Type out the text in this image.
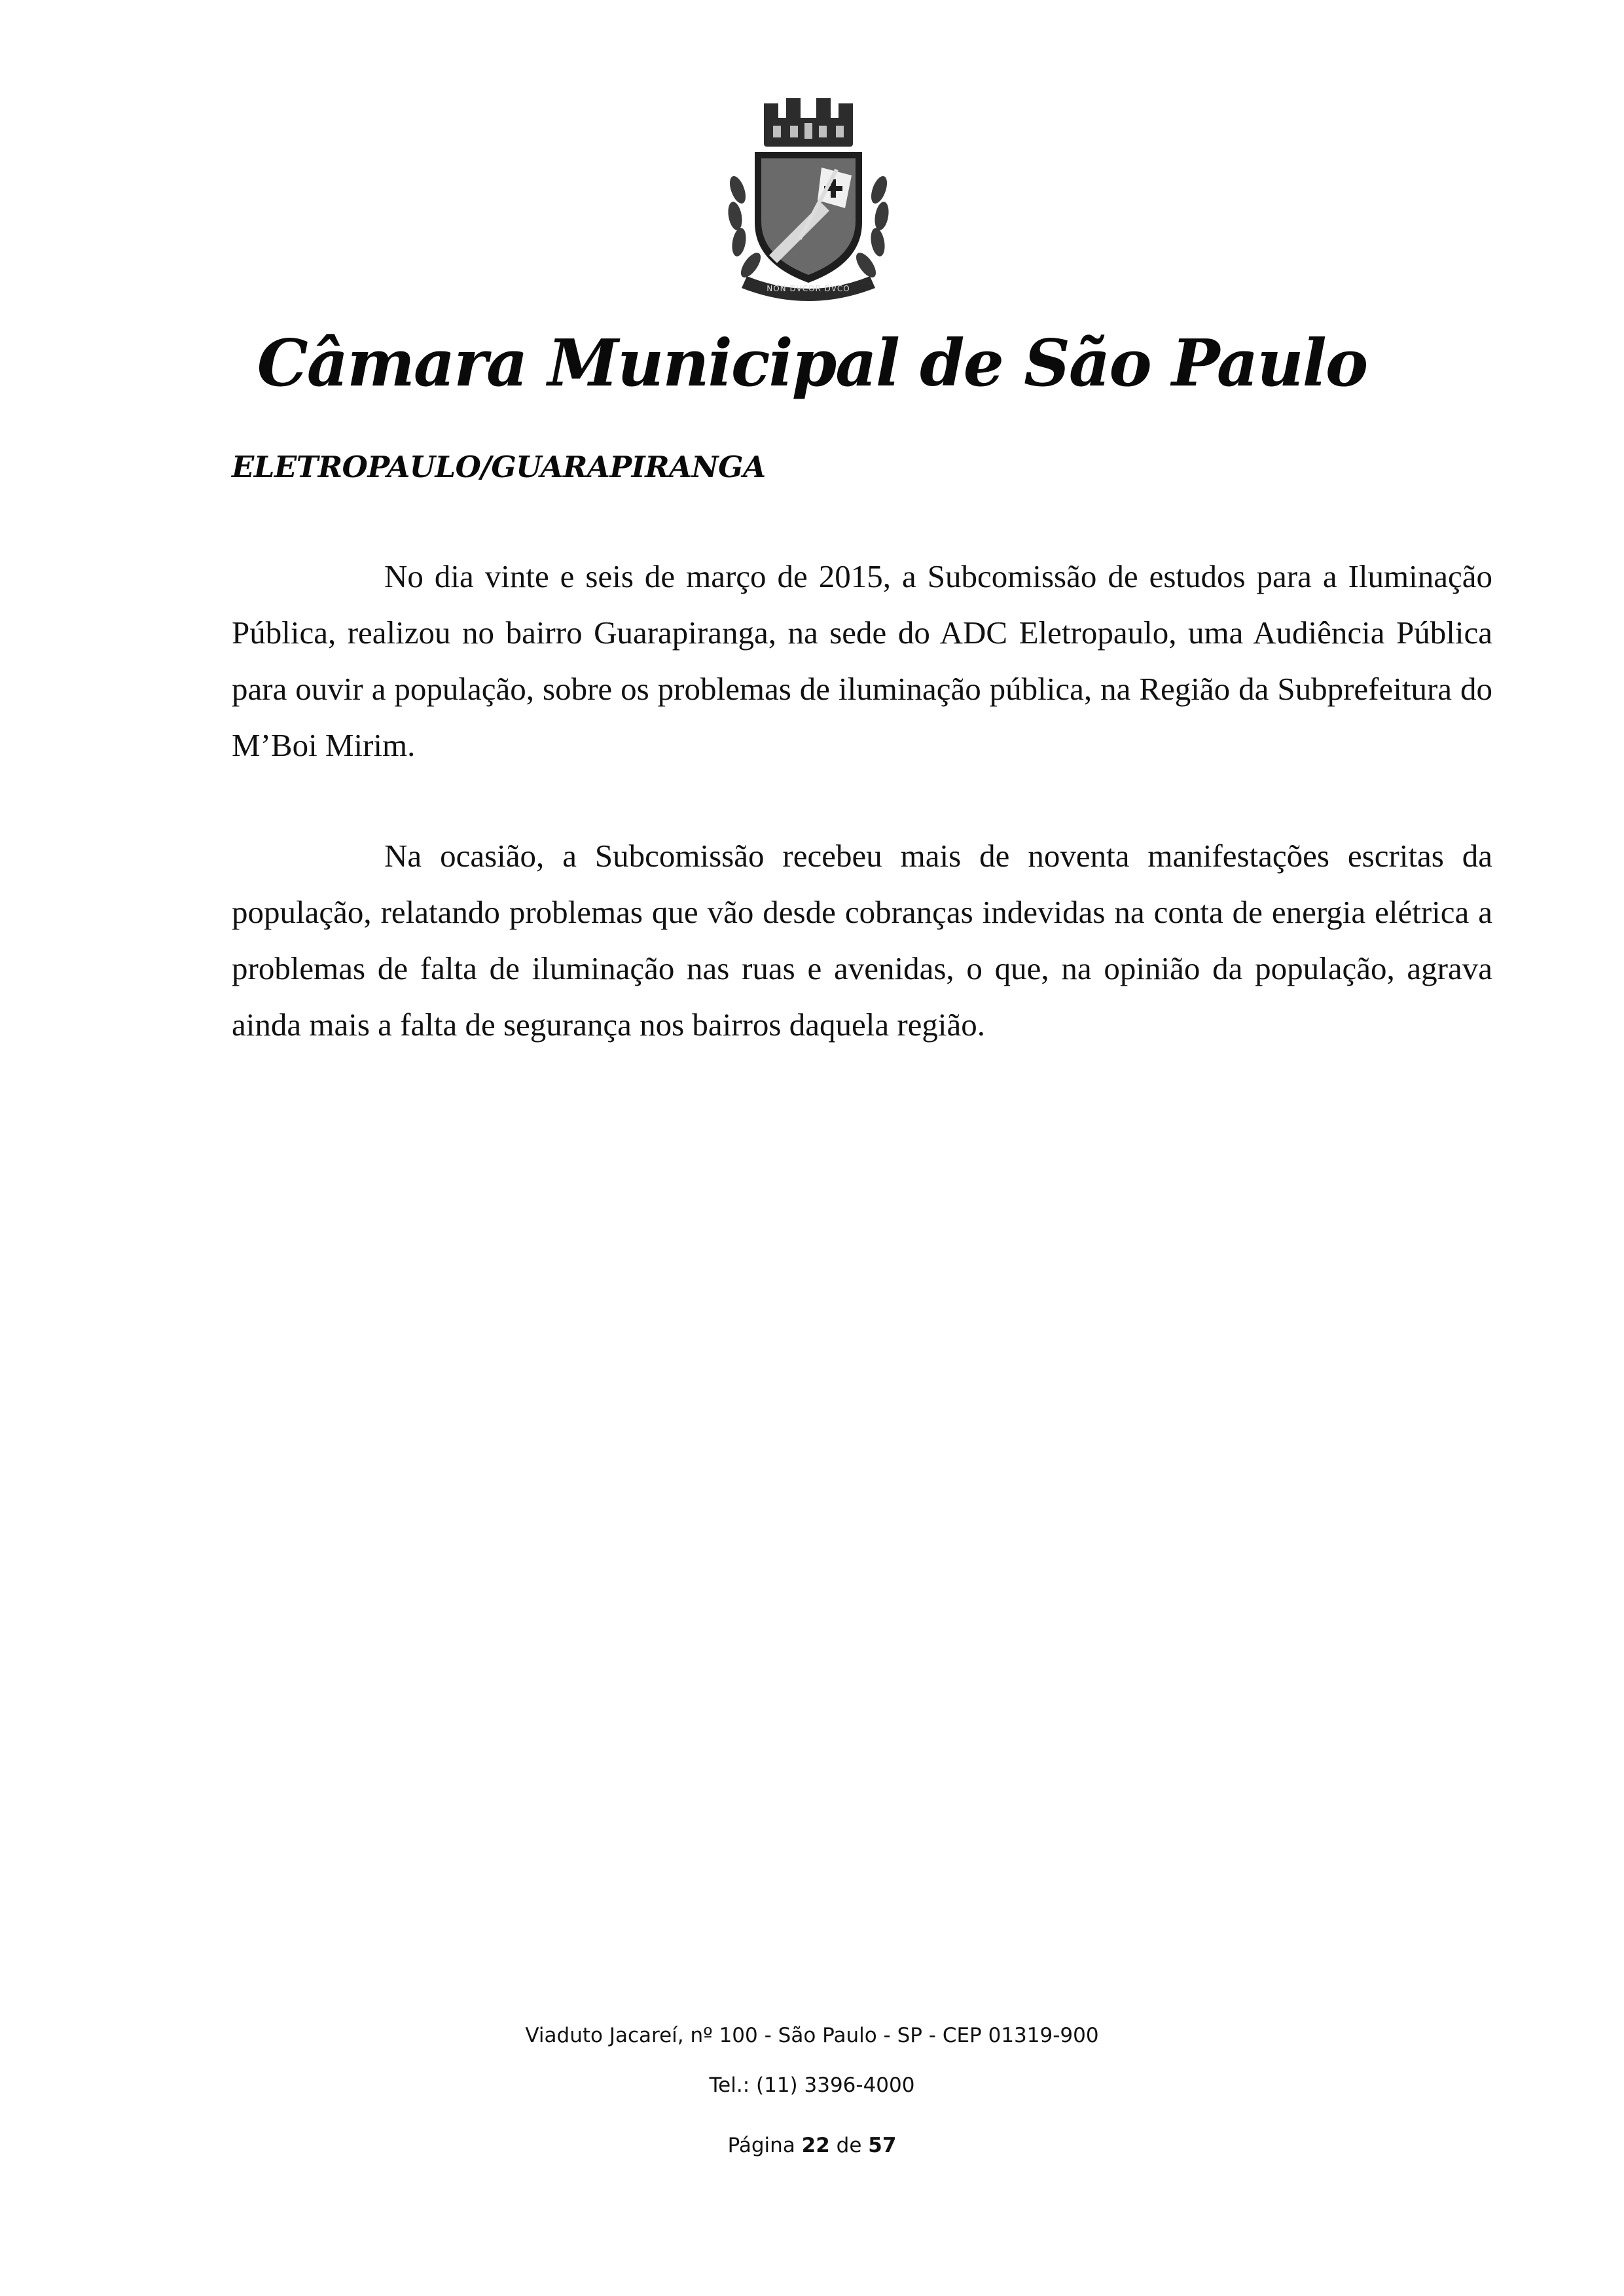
NON DVCOR DVCO
Câmara Municipal de São Paulo
ELETROPAULO/GUARAPIRANGA

No dia vinte e seis de março de 2015, a Subcomissão de estudos para a Iluminação Pública, realizou no bairro Guarapiranga, na sede do ADC Eletropaulo, uma Audiência Pública para ouvir a população, sobre os problemas de iluminação pública, na Região da Subprefeitura do M’Boi Mirim.

Na ocasião, a Subcomissão recebeu mais de noventa manifestações escritas da população, relatando problemas que vão desde cobranças indevidas na conta de energia elétrica a problemas de falta de iluminação nas ruas e avenidas, o que, na opinião da população, agrava ainda mais a falta de segurança nos bairros daquela região.

Viaduto Jacareí, nº 100 - São Paulo - SP - CEP 01319-900
Tel.: (11) 3396-4000
Página 22 de 57
